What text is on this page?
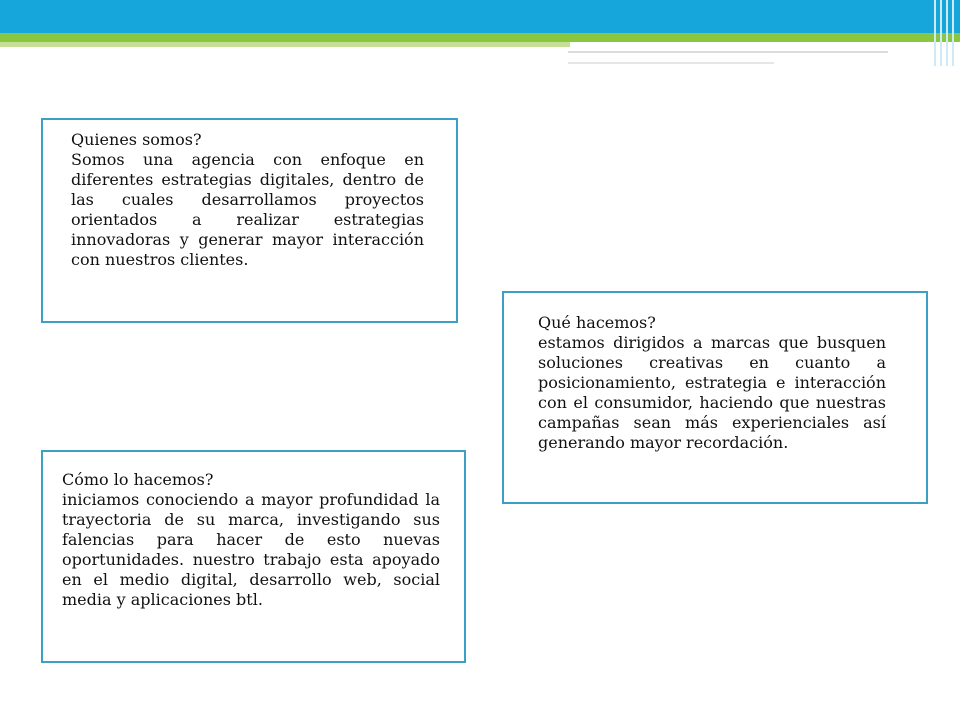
Quienes somos?

Somos una agencia con enfoque en diferentes estrategias digitales, dentro de las cuales desarrollamos proyectos orientados a realizar estrategias innovadoras y generar mayor interacción con nuestros clientes.

Qué hacemos?

estamos dirigidos a marcas que busquen soluciones creativas en cuanto a posicionamiento, estrategia e interacción con el consumidor, haciendo que nuestras campañas sean más experienciales así generando mayor recordación.

Cómo lo hacemos?

iniciamos conociendo a mayor profundidad la trayectoria de su marca, investigando sus falencias para hacer de esto nuevas oportunidades. nuestro trabajo esta apoyado en el medio digital, desarrollo web, social media y aplicaciones btl.
